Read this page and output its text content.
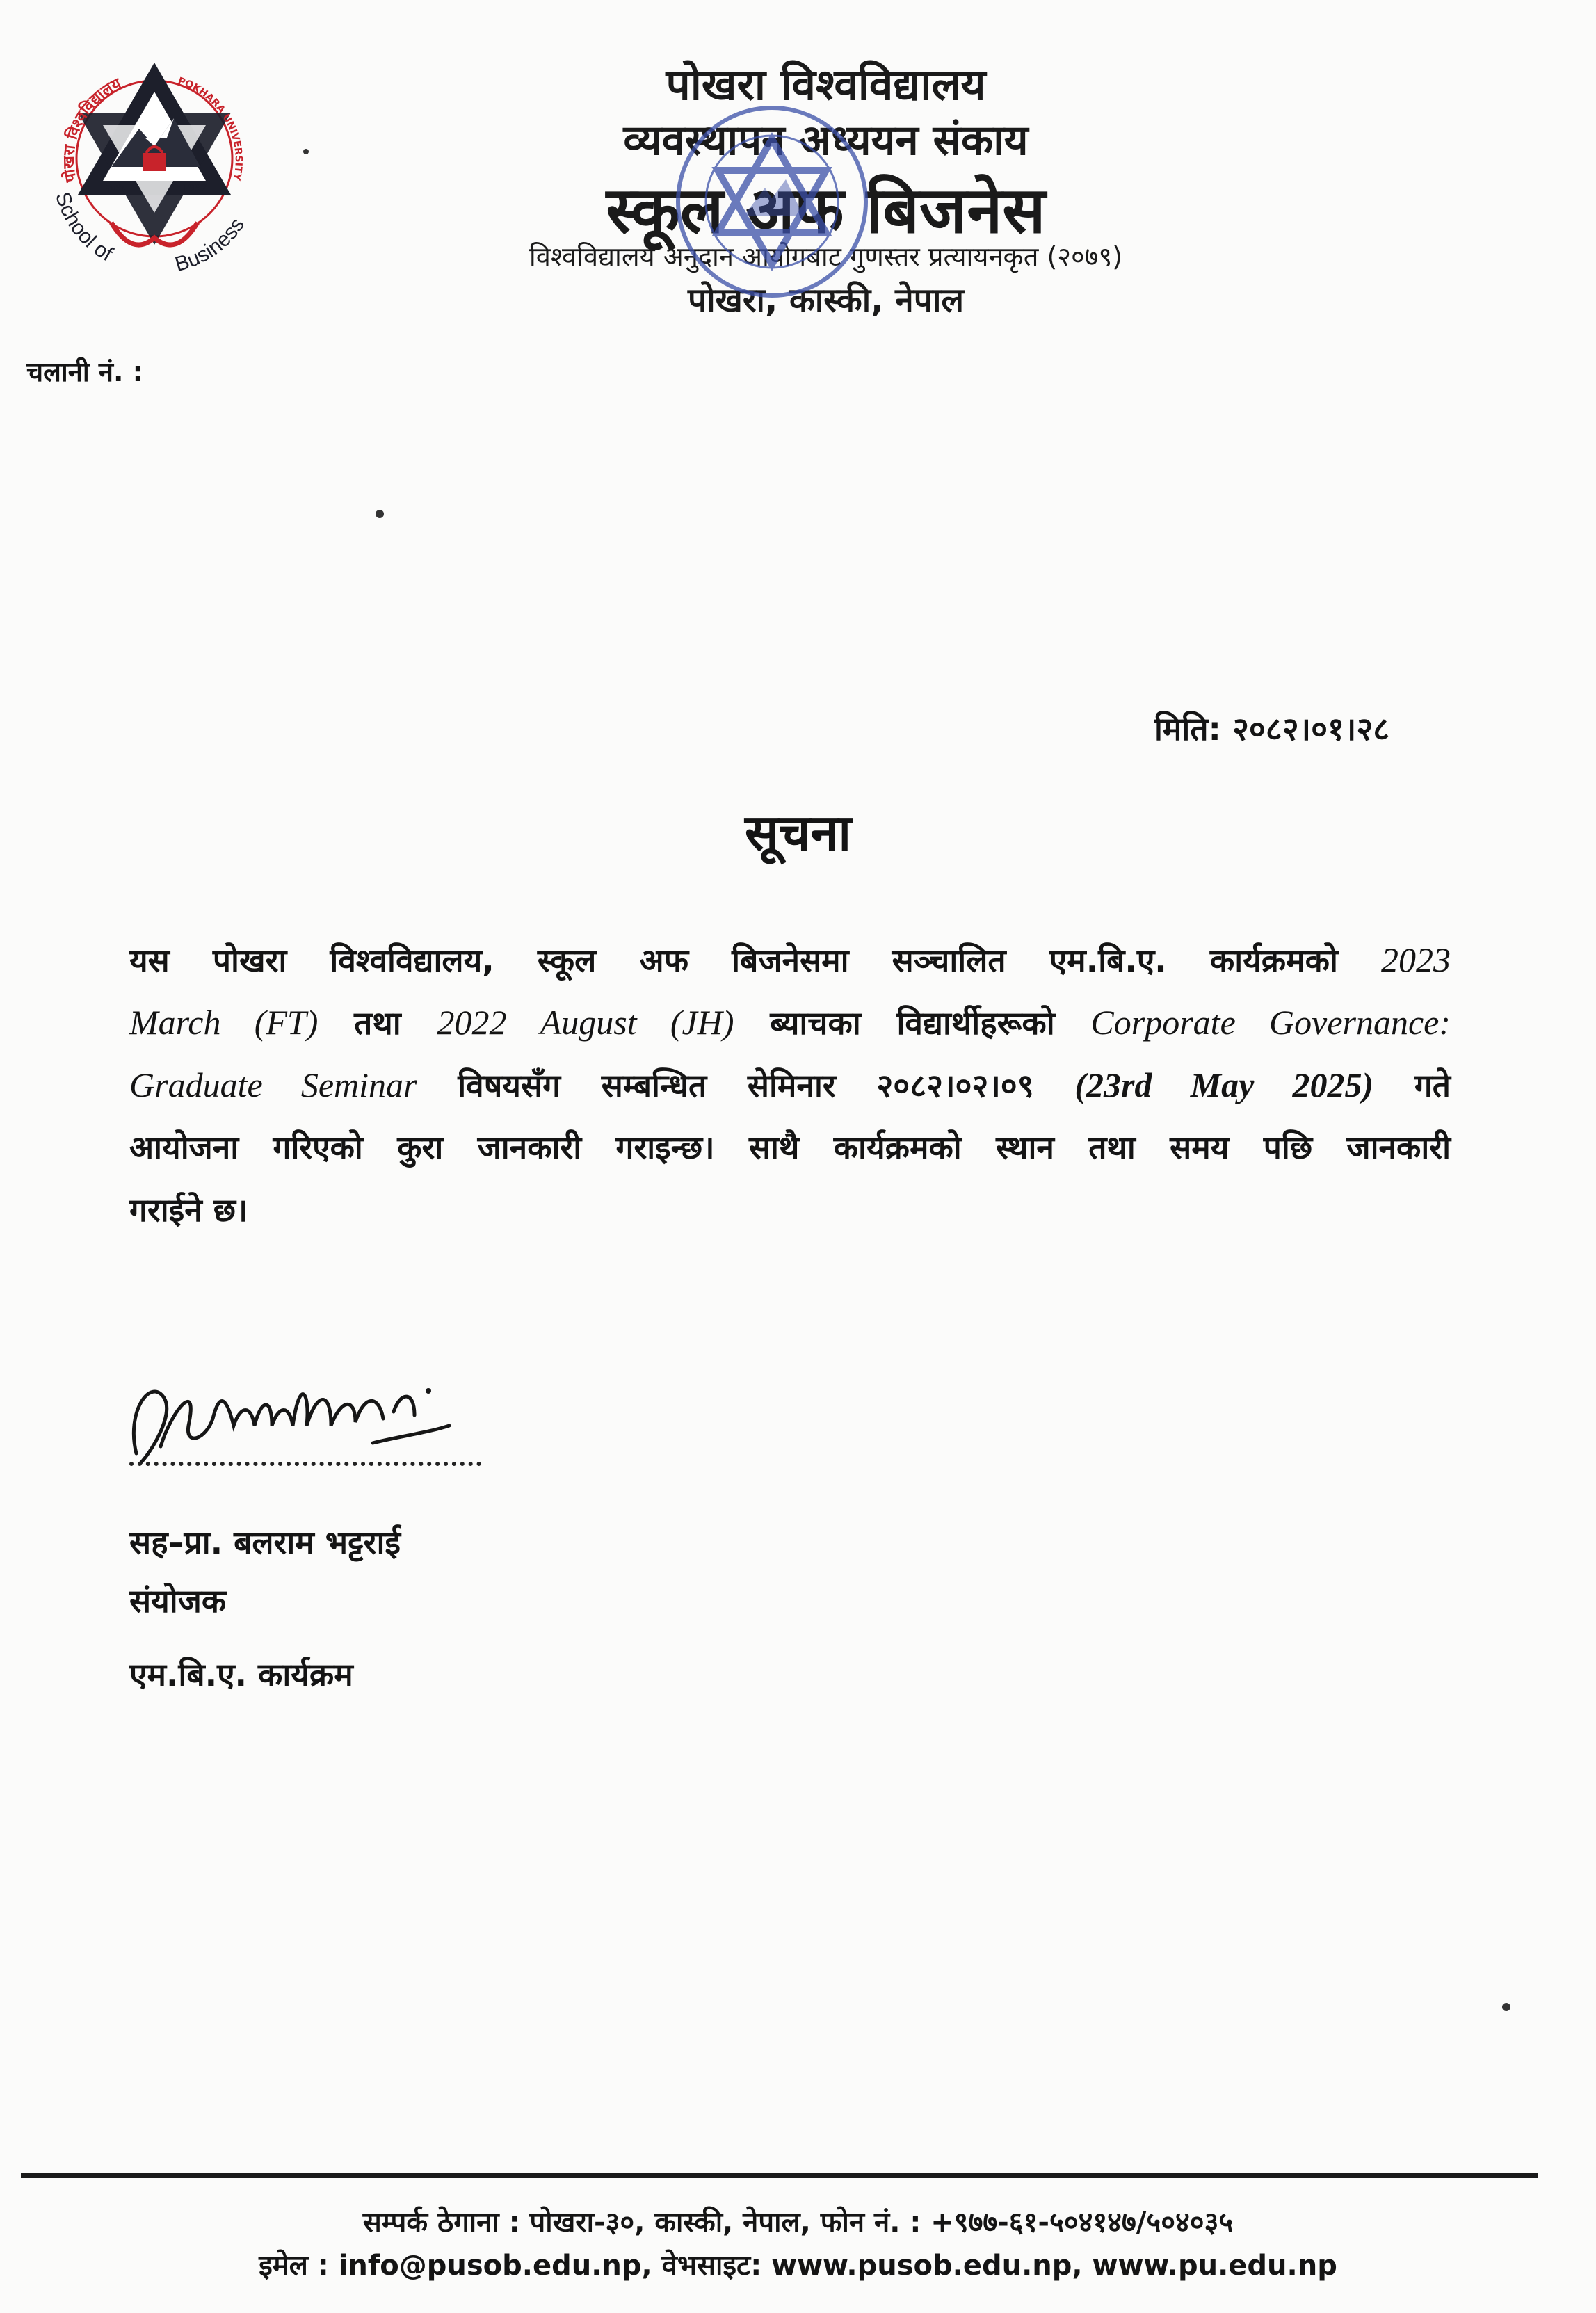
२०४८	1997
पोखरा विश्वविद्यालय	POKHARA UNIVERSITY
School of	Business
पोखरा विश्वविद्यालय
व्यवस्थापन अध्ययन संकाय
स्कूल अफ बिजनेस
विश्वविद्यालय अनुदान आयोगबाट गुणस्तर प्रत्यायनकृत (२०७९)
पोखरा, कास्की, नेपाल
चलानी नं. :
मिति: २०८२।०१।२८
सूचना
यस पोखरा विश्वविद्यालय, स्कूल अफ बिजनेसमा सञ्चालित एम.बि.ए. कार्यक्रमको 2023
March (FT) तथा 2022 August (JH) ब्याचका विद्यार्थीहरूको Corporate Governance:
Graduate Seminar विषयसँग सम्बन्धित सेमिनार २०८२।०२।०९ (23rd May 2025) गते
आयोजना गरिएको कुरा जानकारी गराइन्छ। साथै कार्यक्रमको स्थान तथा समय पछि जानकारी
गराईने छ।
सह–प्रा. बलराम भट्टराई
संयोजक
एम.बि.ए. कार्यक्रम
सम्पर्क ठेगाना : पोखरा-३०, कास्की, नेपाल, फोन नं. : +९७७-६१-५०४१४७/५०४०३५
इमेल : info@pusob.edu.np, वेभसाइट: www.pusob.edu.np, www.pu.edu.np
